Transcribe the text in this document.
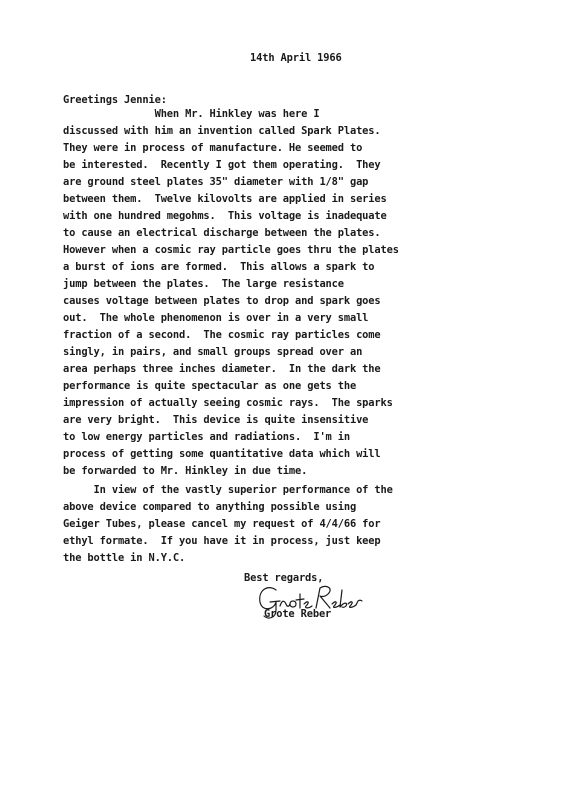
14th April 1966
Greetings Jennie:
When Mr. Hinkley was here I
discussed with him an invention called Spark Plates.
They were in process of manufacture. He seemed to
be interested.  Recently I got them operating.  They
are ground steel plates 35" diameter with 1/8" gap
between them.  Twelve kilovolts are applied in series
with one hundred megohms.  This voltage is inadequate
to cause an electrical discharge between the plates.
However when a cosmic ray particle goes thru the plates
a burst of ions are formed.  This allows a spark to
jump between the plates.  The large resistance
causes voltage between plates to drop and spark goes
out.  The whole phenomenon is over in a very small
fraction of a second.  The cosmic ray particles come
singly, in pairs, and small groups spread over an
area perhaps three inches diameter.  In the dark the
performance is quite spectacular as one gets the
impression of actually seeing cosmic rays.  The sparks
are very bright.  This device is quite insensitive
to low energy particles and radiations.  I'm in
process of getting some quantitative data which will
be forwarded to Mr. Hinkley in due time.
In view of the vastly superior performance of the
above device compared to anything possible using
Geiger Tubes, please cancel my request of 4/4/66 for
ethyl formate.  If you have it in process, just keep
the bottle in N.Y.C.
Best regards,
Grote Reber
